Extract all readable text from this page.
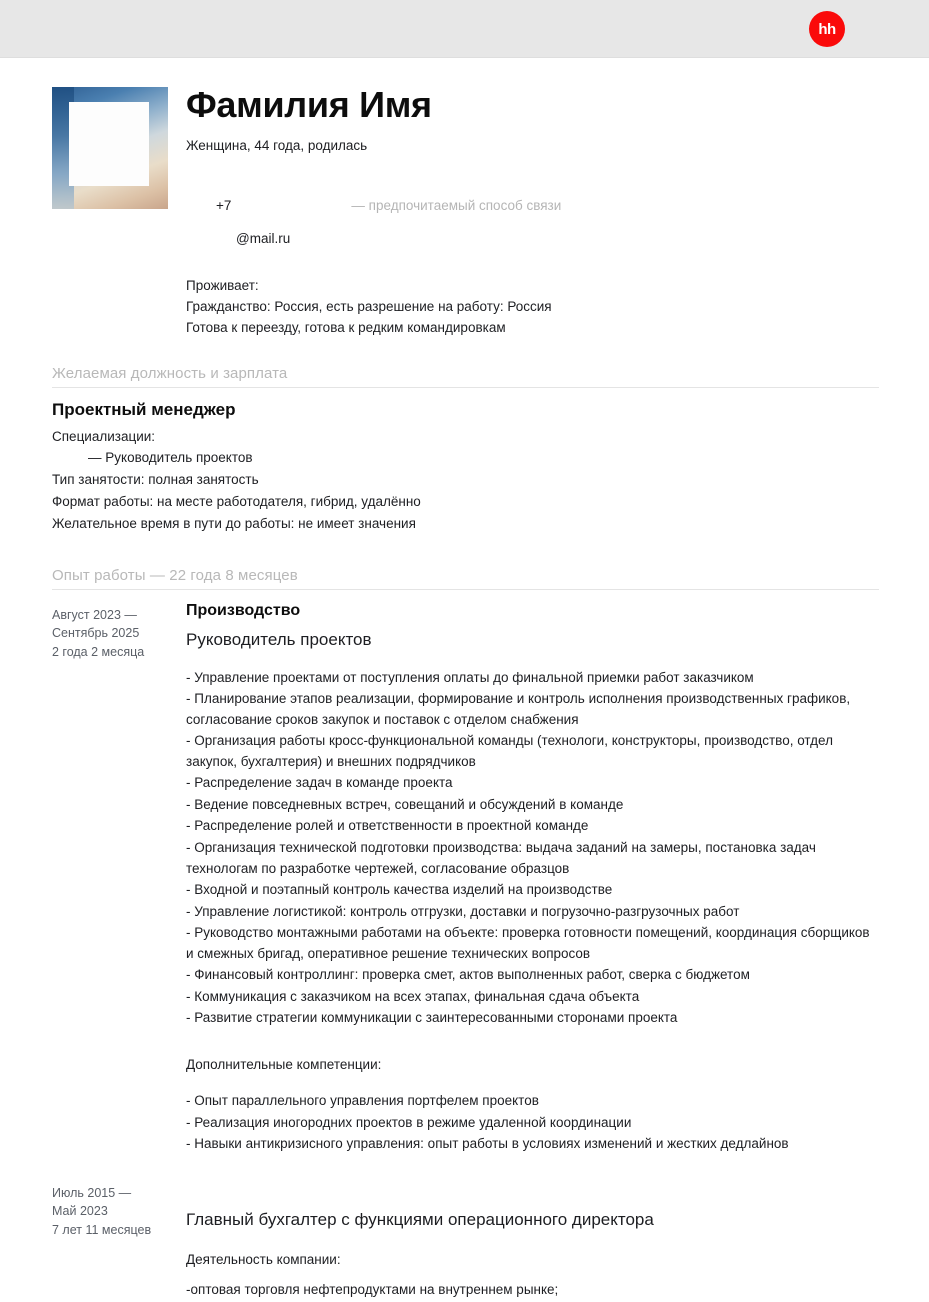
hh
Фамилия Имя
Женщина, 44 года, родилась

+7	— предпочитаемый способ связи

@mail.ru
Проживает:
Гражданство: Россия, есть разрешение на работу: Россия
Готова к переезду, готова к редким командировкам
Желаемая должность и зарплата
Проектный менеджер
Специализации:
— Руководитель проектов
Тип занятости: полная занятость
Формат работы: на месте работодателя, гибрид, удалённо
Желательное время в пути до работы: не имеет значения
Опыт работы — 22 года 8 месяцев
Август 2023 —
Сентябрь 2025
2 года 2 месяца
Производство
Руководитель проектов
- Управление проектами от поступления оплаты до финальной приемки работ заказчиком
- Планирование этапов реализации, формирование и контроль исполнения производственных графиков, согласование сроков закупок и поставок с отделом снабжения
- Организация работы кросс-функциональной команды (технологи, конструкторы, производство, отдел закупок, бухгалтерия) и внешних подрядчиков
- Распределение задач в команде проекта
- Ведение повседневных встреч, совещаний и обсуждений в команде
- Распределение ролей и ответственности в проектной команде
- Организация технической подготовки производства: выдача заданий на замеры, постановка задач технологам по разработке чертежей, согласование образцов
- Входной и поэтапный контроль качества изделий на производстве
- Управление логистикой: контроль отгрузки, доставки и погрузочно-разгрузочных работ
- Руководство монтажными работами на объекте: проверка готовности помещений, координация сборщиков и смежных бригад, оперативное решение технических вопросов
- Финансовый контроллинг: проверка смет, актов выполненных работ, сверка с бюджетом
- Коммуникация с заказчиком на всех этапах, финальная сдача объекта
- Развитие стратегии коммуникации с заинтересованными сторонами проекта
Дополнительные компетенции:
- Опыт параллельного управления портфелем проектов
- Реализация иногородних проектов в режиме удаленной координации
- Навыки антикризисного управления: опыт работы в условиях изменений и жестких дедлайнов
Июль 2015 —
Май 2023
7 лет 11 месяцев
Главный бухгалтер с функциями операционного директора
Деятельность компании:
-оптовая торговля нефтепродуктами на внутреннем рынке;
